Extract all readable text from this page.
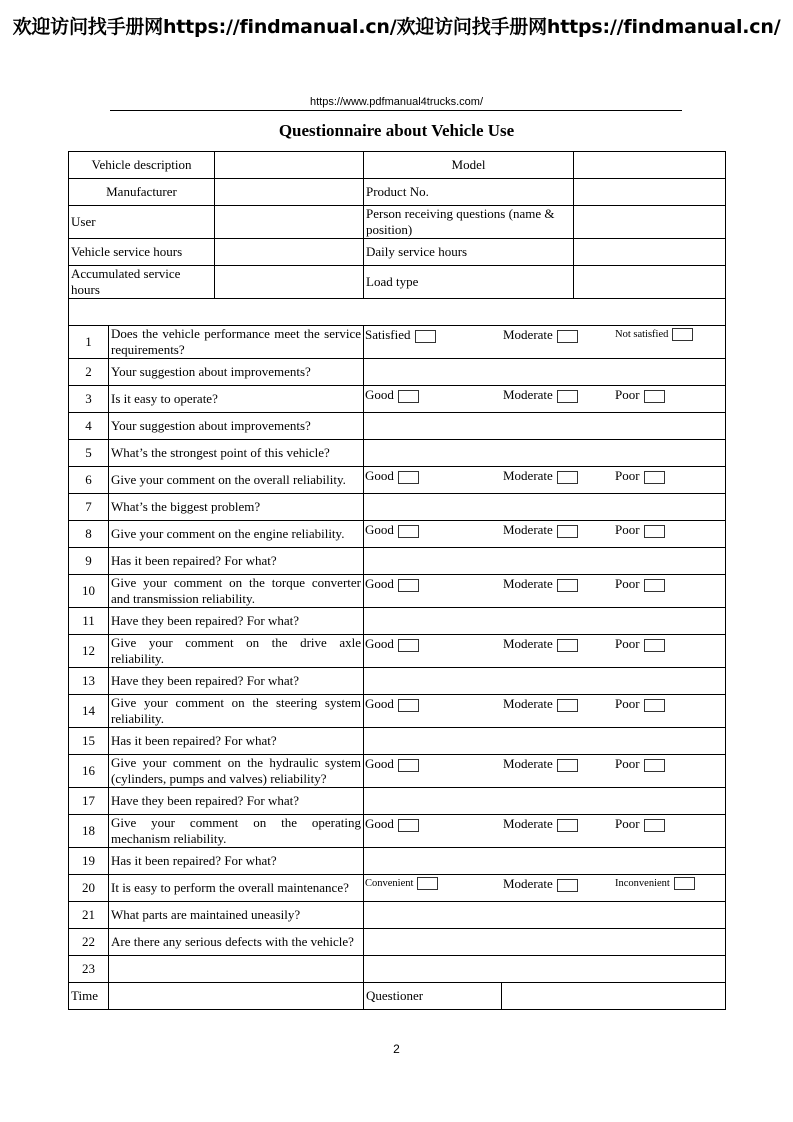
欢迎访问找手册网https://findmanual.cn/欢迎访问找手册网https://findmanual.cn/
https://www.pdfmanual4trucks.com/
Questionnaire about Vehicle Use
Vehicle description			Model		
Manufacturer			Product No.		
User			Person receiving questions (name & position)		
Vehicle service hours			Daily service hours		
Accumulated service hours			Load type		

1	Does the vehicle performance meet the service requirements?		Satisfied Moderate Not satisfied		

2	Your suggestion about improvements?				
3	Is it easy to operate?		Good Moderate Poor		

4	Your suggestion about improvements?				
5	What’s the strongest point of this vehicle?				
6	Give your comment on the overall reliability.		Good Moderate Poor		

7	What’s the biggest problem?				
8	Give your comment on the engine reliability.		Good Moderate Poor		

9	Has it been repaired? For what?				
10	Give your comment on the torque converter and transmission reliability.		Good Moderate Poor		

11	Have they been repaired? For what?				
12	Give your comment on the drive axle reliability.		Good Moderate Poor		

13	Have they been repaired? For what?				
14	Give your comment on the steering system reliability.		Good Moderate Poor		

15	Has it been repaired? For what?				
16	Give your comment on the hydraulic system (cylinders, pumps and valves) reliability?		Good Moderate Poor		

17	Have they been repaired? For what?				
18	Give your comment on the operating mechanism reliability.		Good Moderate Poor		

19	Has it been repaired? For what?				
20	It is easy to perform the overall maintenance?		Convenient Moderate Inconvenient		

21	What parts are maintained uneasily?				
22	Are there any serious defects with the vehicle?				
23					
Time			Questioner		
2
